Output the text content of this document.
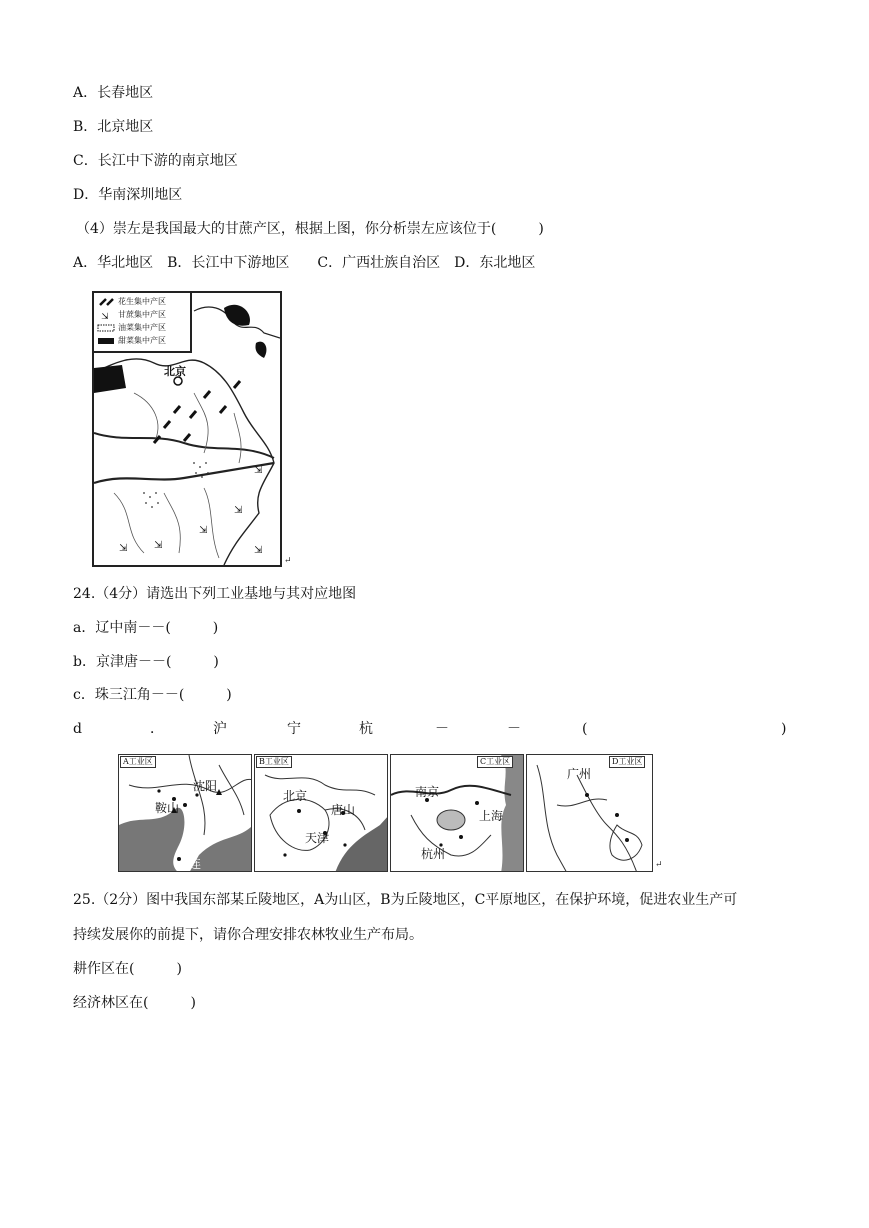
A．长春地区
B．北京地区
C．长江中下游的南京地区
D．华南深圳地区
（4）崇左是我国最大的甘蔗产区，根据上图，你分析崇左应该位于(　　　)
A．华北地区　B．长江中下游地区　　C．广西壮族自治区　D．东北地区
⇲
⇲
⇲
⇲	⇲	⇲
花生集中产区
⇲ 甘蔗集中产区
油菜集中产区
甜菜集中产区
北京
↵
24.（4分）请选出下列工业基地与其对应地图
a．辽中南－－(　　　)
b．京津唐－－(　　　)
c．珠三江角－－(　　　)
d	．	沪	宁	杭	－	－	(	)
A工业区
沈阳
鞍山
大连
B工业区
北京
唐山
天津
C工业区
南京
上海
杭州
D工业区
广州
↵
25.（2分）图中我国东部某丘陵地区，A为山区，B为丘陵地区，C平原地区，在保护环境，促进农业生产可
持续发展你的前提下，请你合理安排农林牧业生产布局。
耕作区在(　　　)
经济林区在(　　　)
